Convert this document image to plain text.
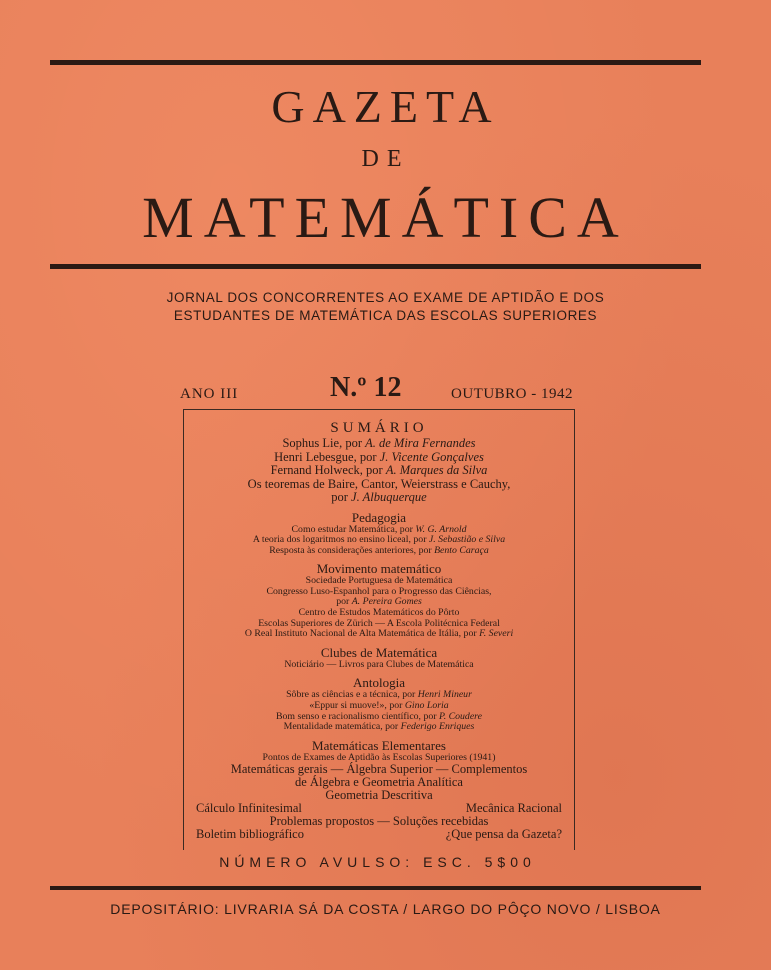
GAZETA
DE
MATEMÁTICA
JORNAL DOS CONCORRENTES AO EXAME DE APTIDÃO E DOS
ESTUDANTES DE MATEMÁTICA DAS ESCOLAS SUPERIORES
ANO III	N.º 12	OUTUBRO - 1942
SUMÁRIO
Sophus Lie, por A. de Mira Fernandes
Henri Lebesgue, por J. Vicente Gonçalves
Fernand Holweck, por A. Marques da Silva
Os teoremas de Baire, Cantor, Weierstrass e Cauchy,
por J. Albuquerque
Pedagogia
Como estudar Matemática, por W. G. Arnold
A teoria dos logaritmos no ensino liceal, por J. Sebastião e Silva
Resposta às considerações anteriores, por Bento Caraça
Movimento matemático
Sociedade Portuguesa de Matemática
Congresso Luso-Espanhol para o Progresso das Ciências,
por A. Pereira Gomes
Centro de Estudos Matemáticos do Pôrto
Escolas Superiores de Zürich — A Escola Politécnica Federal
O Real Instituto Nacional de Alta Matemática de Itália, por F. Severi
Clubes de Matemática
Noticiário — Livros para Clubes de Matemática
Antologia
Sôbre as ciências e a técnica, por Henri Mineur
«Eppur si muove!», por Gino Loria
Bom senso e racionalismo científico, por P. Coudere
Mentalidade matemática, por Federigo Enriques
Matemáticas Elementares
Pontos de Exames de Aptidão às Escolas Superiores (1941)
Matemáticas gerais — Álgebra Superior — Complementos
de Álgebra e Geometria Analítica
Geometria Descritiva
Cálculo Infinitesimal	Mecânica Racional
Problemas propostos — Soluções recebidas
Boletim bibliográfico	¿Que pensa da Gazeta?
NÚMERO AVULSO: ESC. 5$00
DEPOSITÁRIO: LIVRARIA SÁ DA COSTA / LARGO DO PÔÇO NOVO / LISBOA
